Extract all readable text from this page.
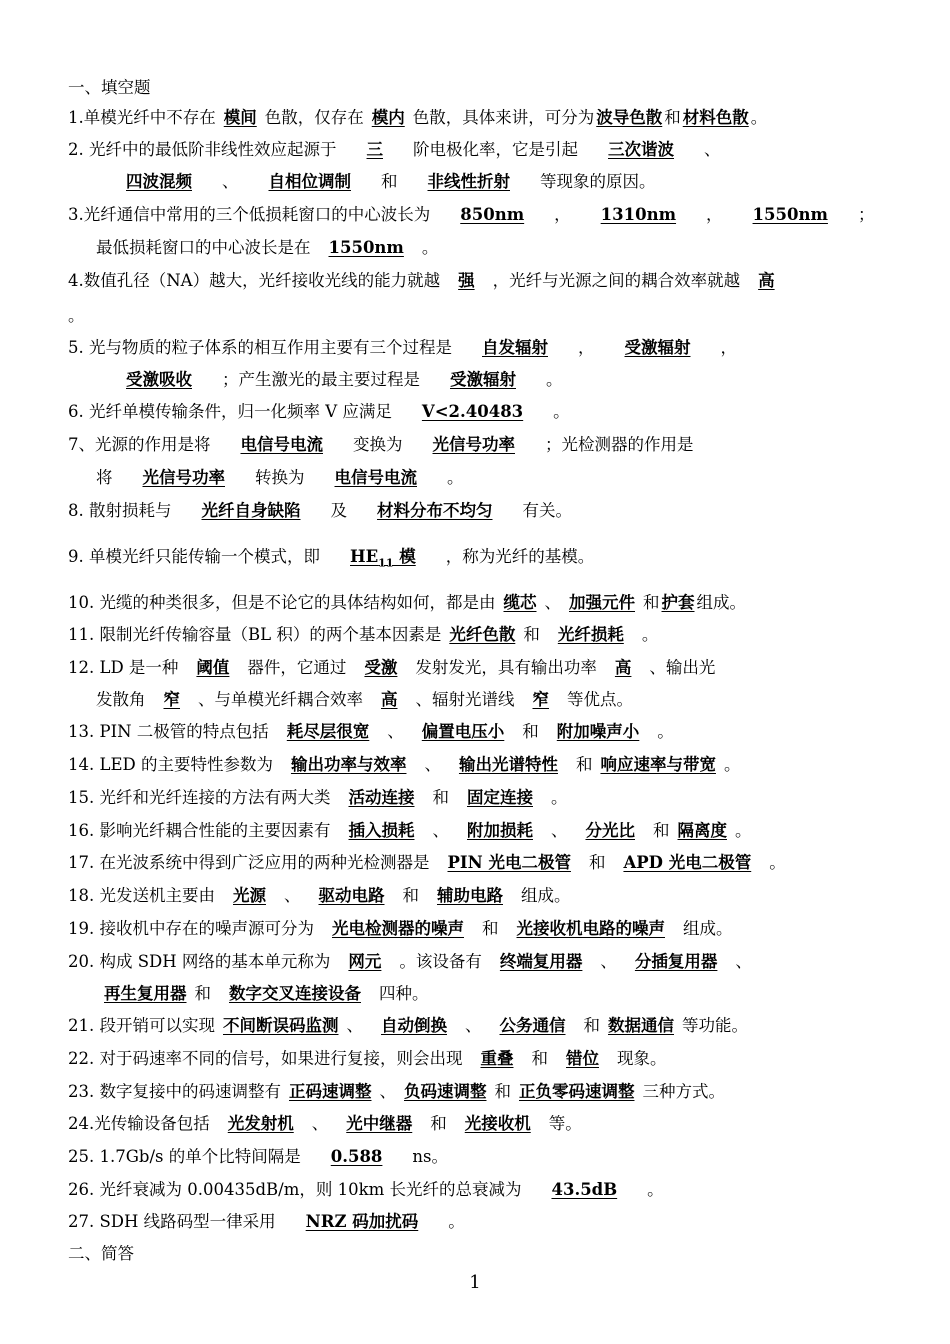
一、填空题
1.单模光纤中不存在 模间 色散，仅存在 模内 色散，具体来讲，可分为 波导色散 和 材料色散 。
2. 光纤中的最低阶非线性效应起源于 三 阶电极化率，它是引起 三次谐波 、
四波混频 、 自相位调制 和 非线性折射 等现象的原因。
3.光纤通信中常用的三个低损耗窗口的中心波长为 850nm ， 1310nm ， 1550nm ；
最低损耗窗口的中心波长是在 1550nm 。
4.数值孔径（NA）越大，光纤接收光线的能力就越 强 ，光纤与光源之间的耦合效率就越 高
。
5. 光与物质的粒子体系的相互作用主要有三个过程是 自发辐射 ， 受激辐射 ，
受激吸收 ；产生激光的最主要过程是 受激辐射 。
6. 光纤单模传输条件，归一化频率 V 应满足 V<2.40483 。
7、光源的作用是将 电信号电流 变换为 光信号功率 ；光检测器的作用是
将 光信号功率 转换为 电信号电流 。
8. 散射损耗与 光纤自身缺陷 及 材料分布不均匀 有关。
9. 单模光纤只能传输一个模式，即 $HE_{11}$ 模 ，称为光纤的基模。
10. 光缆的种类很多，但是不论它的具体结构如何，都是由 缆芯 、 加强元件 和 护套 组成。
11. 限制光纤传输容量（BL 积）的两个基本因素是 光纤色散 和 光纤损耗 。
12. LD 是一种 阈值 器件，它通过 受激 发射发光，具有输出功率 高 、输出光
发散角 窄 、与单模光纤耦合效率 高 、辐射光谱线 窄 等优点。
13. PIN 二极管的特点包括 耗尽层很宽 、 偏置电压小 和 附加噪声小 。
14. LED 的主要特性参数为 输出功率与效率 、 输出光谱特性 和 响应速率与带宽 。
15. 光纤和光纤连接的方法有两大类 活动连接 和 固定连接 。
16. 影响光纤耦合性能的主要因素有 插入损耗 、 附加损耗 、 分光比 和 隔离度 。
17. 在光波系统中得到广泛应用的两种光检测器是 PIN 光电二极管 和 APD 光电二极管 。
18. 光发送机主要由 光源 、 驱动电路 和 辅助电路 组成。
19. 接收机中存在的噪声源可分为 光电检测器的噪声 和 光接收机电路的噪声 组成。
20. 构成 SDH 网络的基本单元称为 网元 。该设备有 终端复用器 、 分插复用器 、
再生复用器 和 数字交叉连接设备 四种。
21. 段开销可以实现 不间断误码监测 、 自动倒换 、 公务通信 和 数据通信 等功能。
22. 对于码速率不同的信号，如果进行复接，则会出现 重叠 和 错位 现象。
23. 数字复接中的码速调整有 正码速调整 、 负码速调整 和 正负零码速调整 三种方式。
24.光传输设备包括 光发射机 、 光中继器 和 光接收机 等。
25. 1.7Gb/s 的单个比特间隔是 0.588 ns。
26. 光纤衰减为 0.00435dB/m，则 10km 长光纤的总衰减为 43.5dB 。
27. SDH 线路码型一律采用 NRZ 码加扰码 。
二、简答
1
